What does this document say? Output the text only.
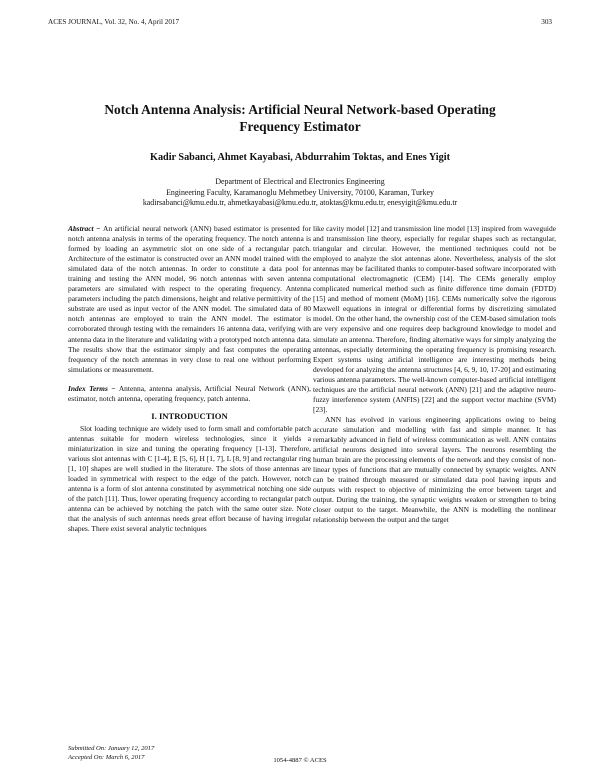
ACES JOURNAL, Vol. 32, No. 4, April 2017	303
Notch Antenna Analysis: Artificial Neural Network-based Operating
Frequency Estimator
Kadir Sabanci, Ahmet Kayabasi, Abdurrahim Toktas, and Enes Yigit
Department of Electrical and Electronics Engineering
Engineering Faculty, Karamanoglu Mehmetbey University, 70100, Karaman, Turkey
kadirsabanci@kmu.edu.tr, ahmetkayabasi@kmu.edu.tr, atoktas@kmu.edu.tr, enesyigit@kmu.edu.tr

Abstract − An artificial neural network (ANN) based estimator is presented for notch antenna analysis in terms of the operating frequency. The notch antenna is formed by loading an asymmetric slot on one side of a rectangular patch. Architecture of the estimator is constructed over an ANN model trained with the simulated data of the notch antennas. In order to constitute a data pool for training and testing the ANN model, 96 notch antennas with seven antenna parameters are simulated with respect to the operating frequency. Antenna parameters including the patch dimensions, height and relative permittivity of the substrate are used as input vector of the ANN model. The simulated data of 80 notch antennas are employed to train the ANN model. The estimator is corroborated through testing with the remainders 16 antenna data, verifying with antenna data in the literature and validating with a prototyped notch antenna data. The results show that the estimator simply and fast computes the operating frequency of the notch antennas in very close to real one without performing simulations or measurement.

Index Terms − Antenna, antenna analysis, Artificial Neural Network (ANN), estimator, notch antenna, operating frequency, patch antenna.

I. INTRODUCTION

Slot loading technique are widely used to form small and comfortable patch antennas suitable for modern wireless technologies, since it yields a miniaturization in size and tuning the operating frequency [1-13]. Therefore, various slot antennas with C [1-4], E [5, 6], H [1, 7], L [8, 9] and rectangular ring [1, 10] shapes are well studied in the literature. The slots of those antennas are loaded in symmetrical with respect to the edge of the patch. However, notch antenna is a form of slot antenna constituted by asymmetrical notching one side of the patch [11]. Thus, lower operating frequency according to rectangular patch antenna can be achieved by notching the patch with the same outer size. Note that the analysis of such antennas needs great effort because of having irregular shapes. There exist several analytic techniques

like cavity model [12] and transmission line model [13] inspired from waveguide and transmission line theory, especially for regular shapes such as rectangular, triangular and circular. However, the mentioned techniques could not be employed to analyze the slot antennas alone. Nevertheless, analysis of the slot antennas may be facilitated thanks to computer-based software incorporated with computational electromagnetic (CEM) [14]. The CEMs generally employ complicated numerical method such as finite difference time domain (FDTD) [15] and method of moment (MoM) [16]. CEMs numerically solve the rigorous Maxwell equations in integral or differential forms by discretizing simulated model. On the other hand, the ownership cost of the CEM-based simulation tools are very expensive and one requires deep background knowledge to model and simulate an antenna. Therefore, finding alternative ways for simply analyzing the antennas, especially determining the operating frequency is promising research. Expert systems using artificial intelligence are interesting methods being developed for analyzing the antenna structures [4, 6, 9, 10, 17-20] and estimating various antenna parameters. The well-known computer-based artificial intelligent techniques are the artificial neural network (ANN) [21] and the adaptive neuro-fuzzy interference system (ANFIS) [22] and the support vector machine (SVM) [23].

ANN has evolved in various engineering applications owing to being accurate simulation and modelling with fast and simple manner. It has remarkably advanced in field of wireless communication as well. ANN contains artificial neurons designed into several layers. The neurons resembling the human brain are the processing elements of the network and they consist of non-linear types of functions that are mutually connected by synaptic weights. ANN can be trained through measured or simulated data pool having inputs and outputs with respect to objective of minimizing the error between target and output. During the training, the synaptic weights weaken or strengthen to bring closer output to the target. Meanwhile, the ANN is modelling the nonlinear relationship between the output and the target

Submitted On: January 12, 2017
Accepted On: March 6, 2017	1054-4887 © ACES
